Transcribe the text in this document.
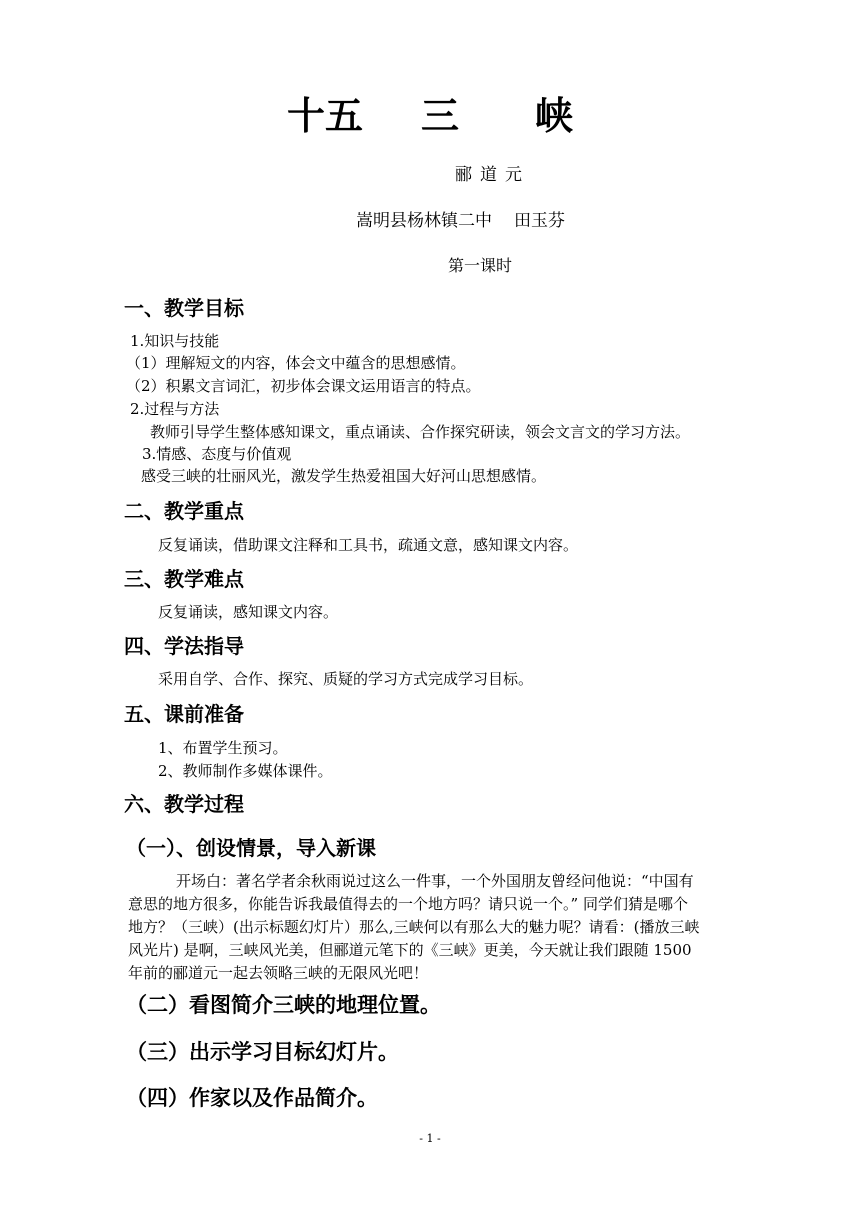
十五 三 峡
郦道元
嵩明县杨林镇二中 田玉芬
第一课时
一、教学目标
1.知识与技能
（1）理解短文的内容，体会文中蕴含的思想感情。
（2）积累文言词汇，初步体会课文运用语言的特点。
2.过程与方法
教师引导学生整体感知课文，重点诵读、合作探究研读，领会文言文的学习方法。
3.情感、态度与价值观
感受三峡的壮丽风光，激发学生热爱祖国大好河山思想感情。
二、教学重点
反复诵读，借助课文注释和工具书，疏通文意，感知课文内容。
三、教学难点
反复诵读，感知课文内容。
四、学法指导
采用自学、合作、探究、质疑的学习方式完成学习目标。
五、课前准备
1、布置学生预习。
2、教师制作多媒体课件。
六、教学过程
（一）、创设情景，导入新课
开场白：著名学者余秋雨说过这么一件事，一个外国朋友曾经问他说：“中国有
意思的地方很多，你能告诉我最值得去的一个地方吗？请只说一个。” 同学们猜是哪个
地方？（三峡）(出示标题幻灯片）那么,三峡何以有那么大的魅力呢？请看：(播放三峡
风光片) 是啊，三峡风光美，但郦道元笔下的《三峡》更美，今天就让我们跟随 1500
年前的郦道元一起去领略三峡的无限风光吧！
（二）看图简介三峡的地理位置。
（三）出示学习目标幻灯片。
（四）作家以及作品简介。
- 1 -
